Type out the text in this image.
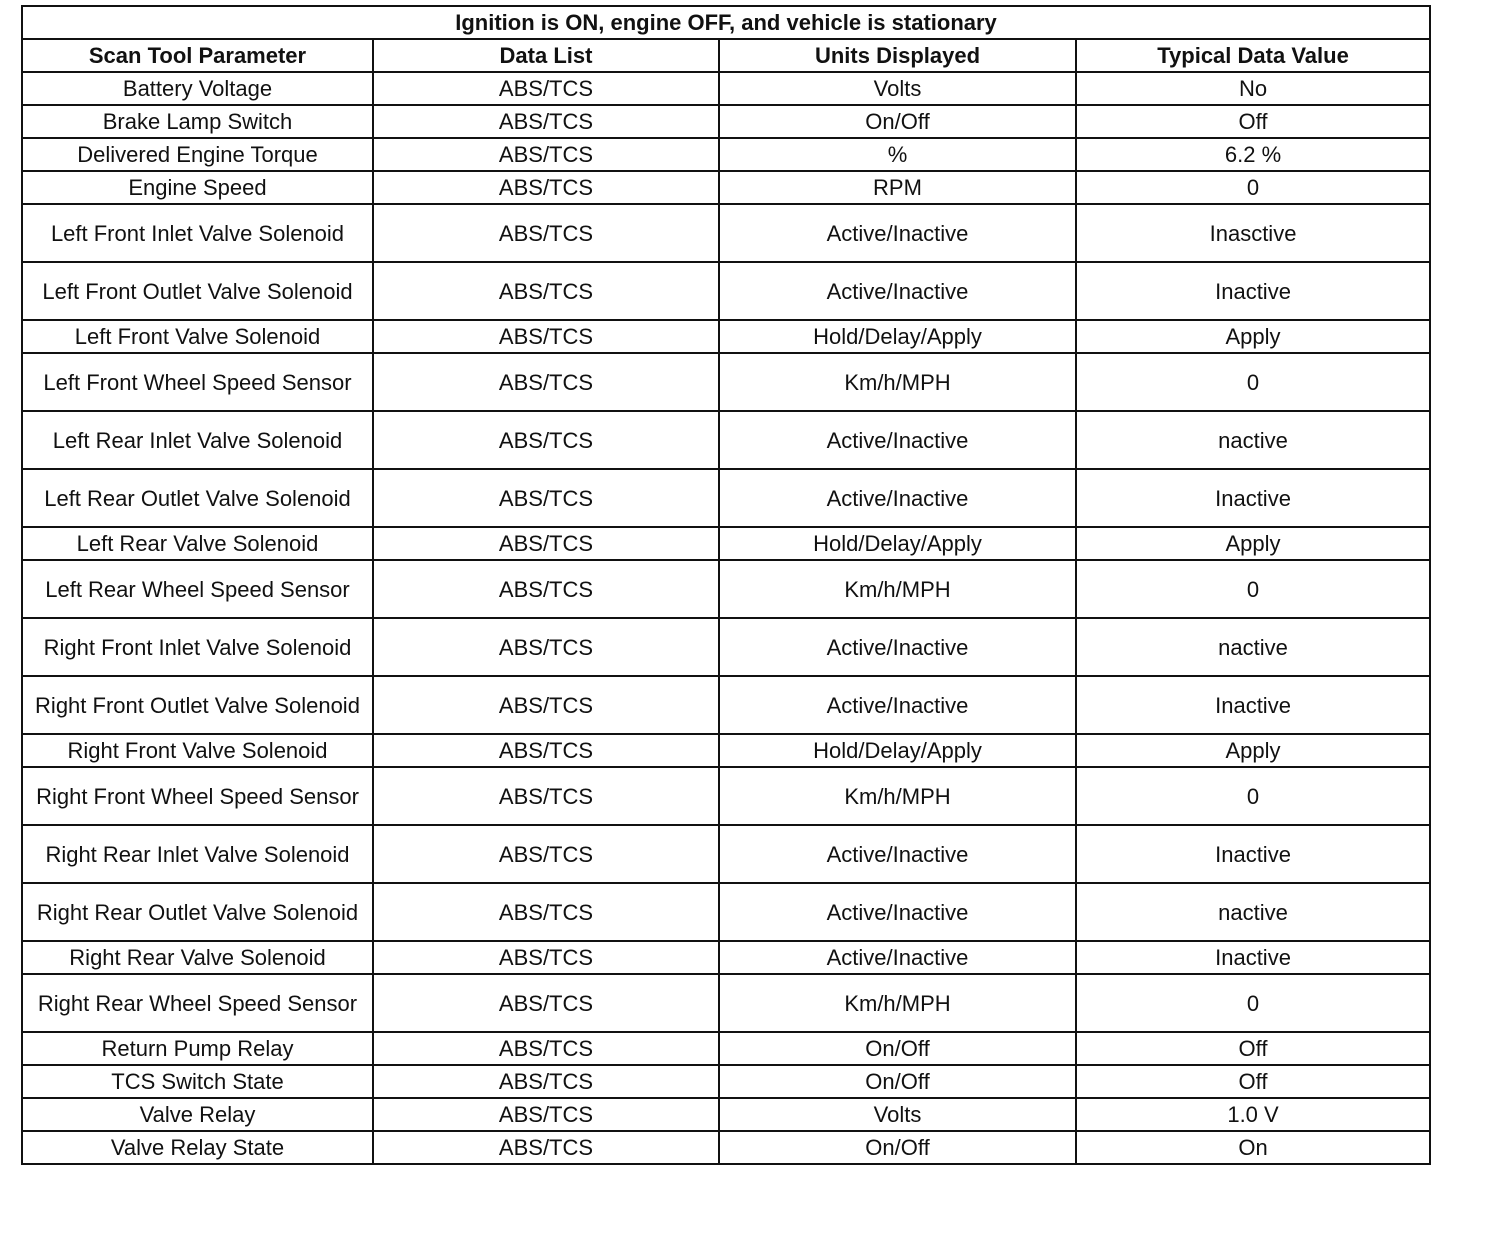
Ignition is ON, engine OFF, and vehicle is stationary			
Scan Tool Parameter	Data List	Units Displayed	Typical Data Value
Battery Voltage	ABS/TCS	Volts	No
Brake Lamp Switch	ABS/TCS	On/Off	Off
Delivered Engine Torque	ABS/TCS	%	6.2 %
Engine Speed	ABS/TCS	RPM	0
Left Front Inlet Valve Solenoid	ABS/TCS	Active/Inactive	Inasctive
Left Front Outlet Valve Solenoid	ABS/TCS	Active/Inactive	Inactive
Left Front Valve Solenoid	ABS/TCS	Hold/Delay/Apply	Apply
Left Front Wheel Speed Sensor	ABS/TCS	Km/h/MPH	0
Left Rear Inlet Valve Solenoid	ABS/TCS	Active/Inactive	nactive
Left Rear Outlet Valve Solenoid	ABS/TCS	Active/Inactive	Inactive
Left Rear Valve Solenoid	ABS/TCS	Hold/Delay/Apply	Apply
Left Rear Wheel Speed Sensor	ABS/TCS	Km/h/MPH	0
Right Front Inlet Valve Solenoid	ABS/TCS	Active/Inactive	nactive
Right Front Outlet Valve Solenoid	ABS/TCS	Active/Inactive	Inactive
Right Front Valve Solenoid	ABS/TCS	Hold/Delay/Apply	Apply
Right Front Wheel Speed Sensor	ABS/TCS	Km/h/MPH	0
Right Rear Inlet Valve Solenoid	ABS/TCS	Active/Inactive	Inactive
Right Rear Outlet Valve Solenoid	ABS/TCS	Active/Inactive	nactive
Right Rear Valve Solenoid	ABS/TCS	Active/Inactive	Inactive
Right Rear Wheel Speed Sensor	ABS/TCS	Km/h/MPH	0
Return Pump Relay	ABS/TCS	On/Off	Off
TCS Switch State	ABS/TCS	On/Off	Off
Valve Relay	ABS/TCS	Volts	1.0 V
Valve Relay State	ABS/TCS	On/Off	On
